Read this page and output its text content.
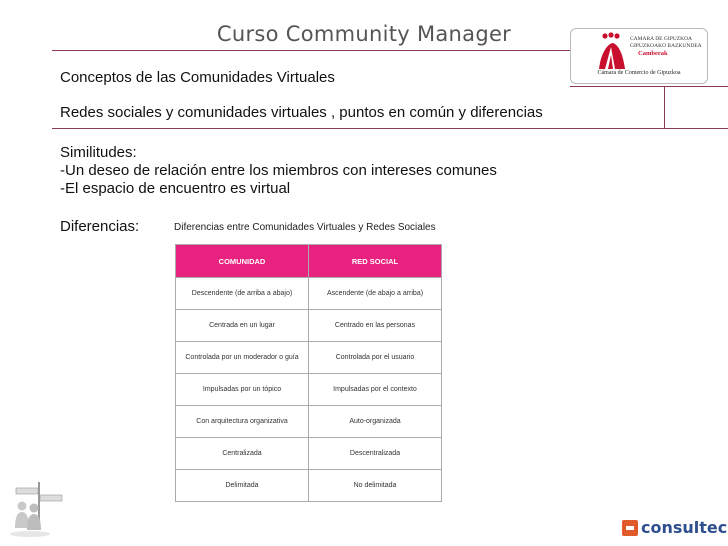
Curso Community Manager	CAMARA DE GIPUZKOA
GIPUZKOAKO BAZKUNDEA
Camberak
Cámara de Comercio de Gipuzkoa
Conceptos de las Comunidades Virtuales
Redes sociales y comunidades virtuales , puntos en común y diferencias
Similitudes:
-Un deseo de relación entre los miembros con intereses comunes
-El espacio de encuentro es virtual
Diferencias:	Diferencias entre Comunidades Virtuales y Redes Sociales
COMUNIDAD	RED SOCIAL
Descendente (de arriba a abajo)	Ascendente (de abajo a arriba)
Centrada en un lugar	Centrado en las personas
Controlada por un moderador o guía	Controlada por el usuario
Impulsadas por un tópico	Impulsadas por el contexto
Con arquitectura organizativa	Auto-organizada
Centralizada	Descentralizada
Delimitada	No delimitada
consultec
